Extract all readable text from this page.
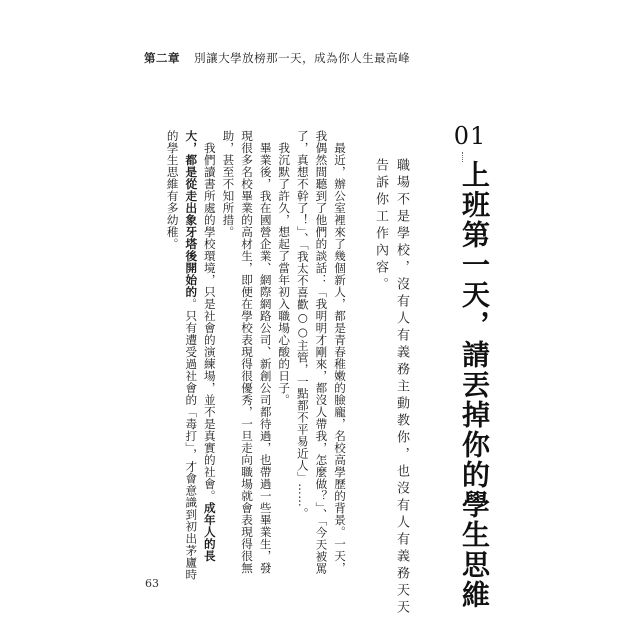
第二章 別讓大學放榜那一天，成為你人生最高峰
01
上班第一天，請丟掉你的學生思維
職場不是學校，沒有人有義務主動教你，也沒有人有義務天天告訴你工作內容。

最近，辦公室裡來了幾個新人，都是青春稚嫩的臉龐，名校高學歷的背景。一天，我偶然間聽到了他們的談話：「我明明才剛來，都沒人帶我，怎麼做？」、「今天被罵了，真想不幹了！」、「我太不喜歡○○主管，一點都不平易近人」……。

我沉默了許久，想起了當年初入職場心酸的日子。

畢業後，我在國營企業、網際網路公司、新創公司都待過，也帶過一些畢業生，發現很多名校畢業的高材生，即便在學校表現得很優秀，一旦走向職場就會表現得很無助，甚至不知所措。

我們讀書所處的學校環境，只是社會的演練場，並不是真實的社會。成年人的長大，都是從走出象牙塔後開始的。只有遭受過社會的「毒打」，才會意識到初出茅廬時的學生思維有多幼稚。

63
